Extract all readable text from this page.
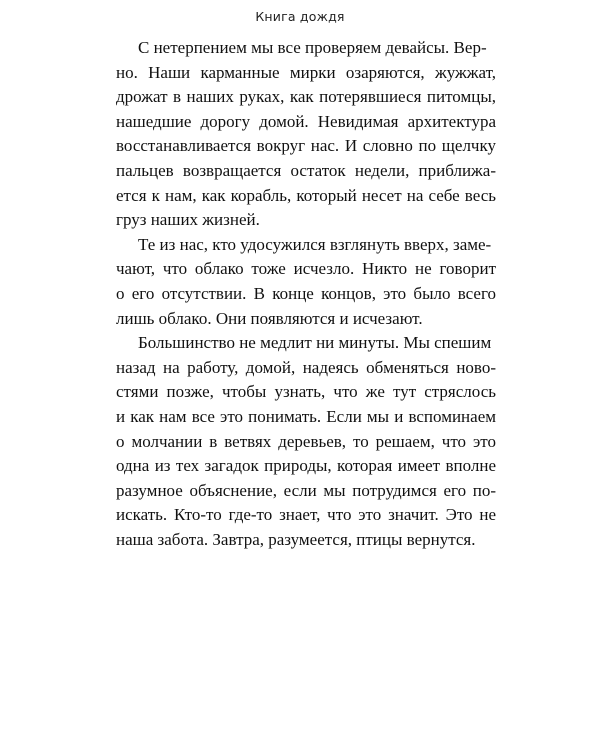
Книга дождя

С нетерпением мы все проверяем девайсы. Вер-
но. Наши карманные мирки озаряются, жужжат,
дрожат в наших руках, как потерявшиеся питомцы,
нашедшие дорогу домой. Невидимая архитектура
восстанавливается вокруг нас. И словно по щелчку
пальцев возвращается остаток недели, приближа-
ется к нам, как корабль, который несет на себе весь
груз наших жизней.

Те из нас, кто удосужился взглянуть вверх, заме-
чают, что облако тоже исчезло. Никто не говорит
о его отсутствии. В конце концов, это было всего
лишь облако. Они появляются и исчезают.

Большинство не медлит ни минуты. Мы спешим
назад на работу, домой, надеясь обменяться ново-
стями позже, чтобы узнать, что же тут стряслось
и как нам все это понимать. Если мы и вспоминаем
о молчании в ветвях деревьев, то решаем, что это
одна из тех загадок природы, которая имеет вполне
разумное объяснение, если мы потрудимся его по-
искать. Кто-то где-то знает, что это значит. Это не
наша забота. Завтра, разумеется, птицы вернутся.
